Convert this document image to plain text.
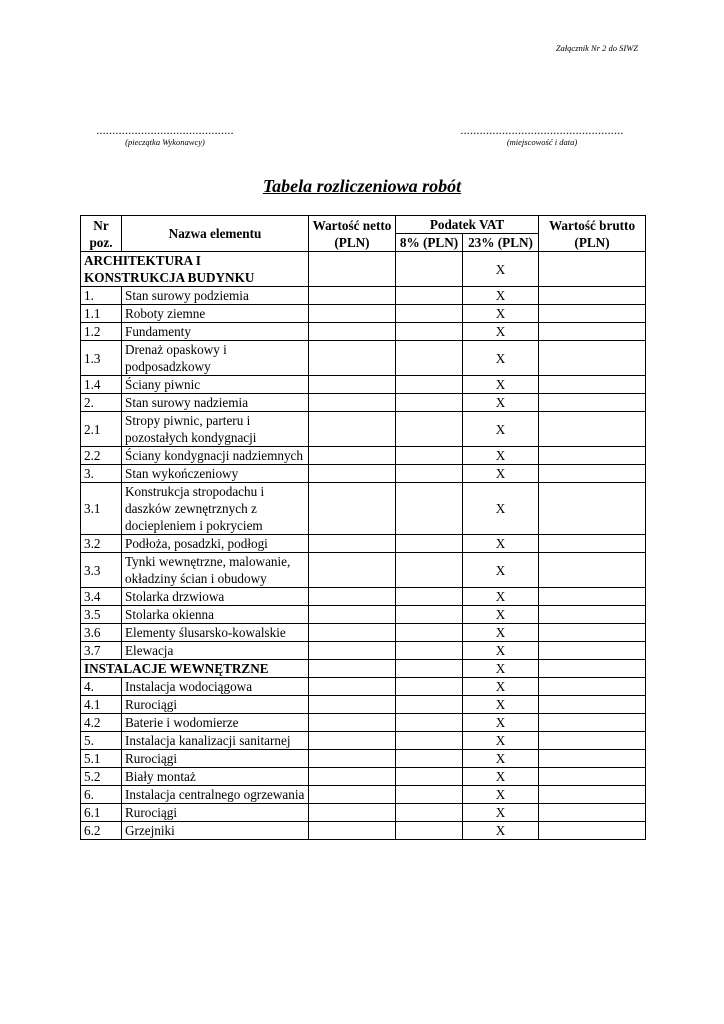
Załącznik Nr 2 do SIWZ
...........................................
(pieczątka Wykonawcy)
...................................................
(miejscowość i data)
Tabela rozliczeniowa robót
Nr poz.	Nazwa elementu	Wartość netto (PLN)	Podatek VAT		Wartość brutto (PLN)
			8% (PLN)	23% (PLN)	
ARCHITEKTURA I KONSTRUKCJA BUDYNKU				X	
1.	Stan surowy podziemia			X	
1.1	Roboty ziemne			X	
1.2	Fundamenty			X	
1.3	Drenaż opaskowy i podposadzkowy			X	
1.4	Ściany piwnic			X	
2.	Stan surowy nadziemia			X	
2.1	Stropy piwnic, parteru i pozostałych kondygnacji			X	
2.2	Ściany kondygnacji nadziemnych			X	
3.	Stan wykończeniowy			X	
3.1	Konstrukcja stropodachu i daszków zewnętrznych z dociepleniem i pokryciem			X	
3.2	Podłoża, posadzki, podłogi			X	
3.3	Tynki wewnętrzne, malowanie, okładziny ścian i obudowy			X	
3.4	Stolarka drzwiowa			X	
3.5	Stolarka okienna			X	
3.6	Elementy ślusarsko-kowalskie			X	
3.7	Elewacja			X	
INSTALACJE WEWNĘTRZNE				X	
4.	Instalacja wodociągowa			X	
4.1	Rurociągi			X	
4.2	Baterie i wodomierze			X	
5.	Instalacja kanalizacji sanitarnej			X	
5.1	Rurociągi			X	
5.2	Biały montaż			X	
6.	Instalacja centralnego ogrzewania			X	
6.1	Rurociągi			X	
6.2	Grzejniki			X	
